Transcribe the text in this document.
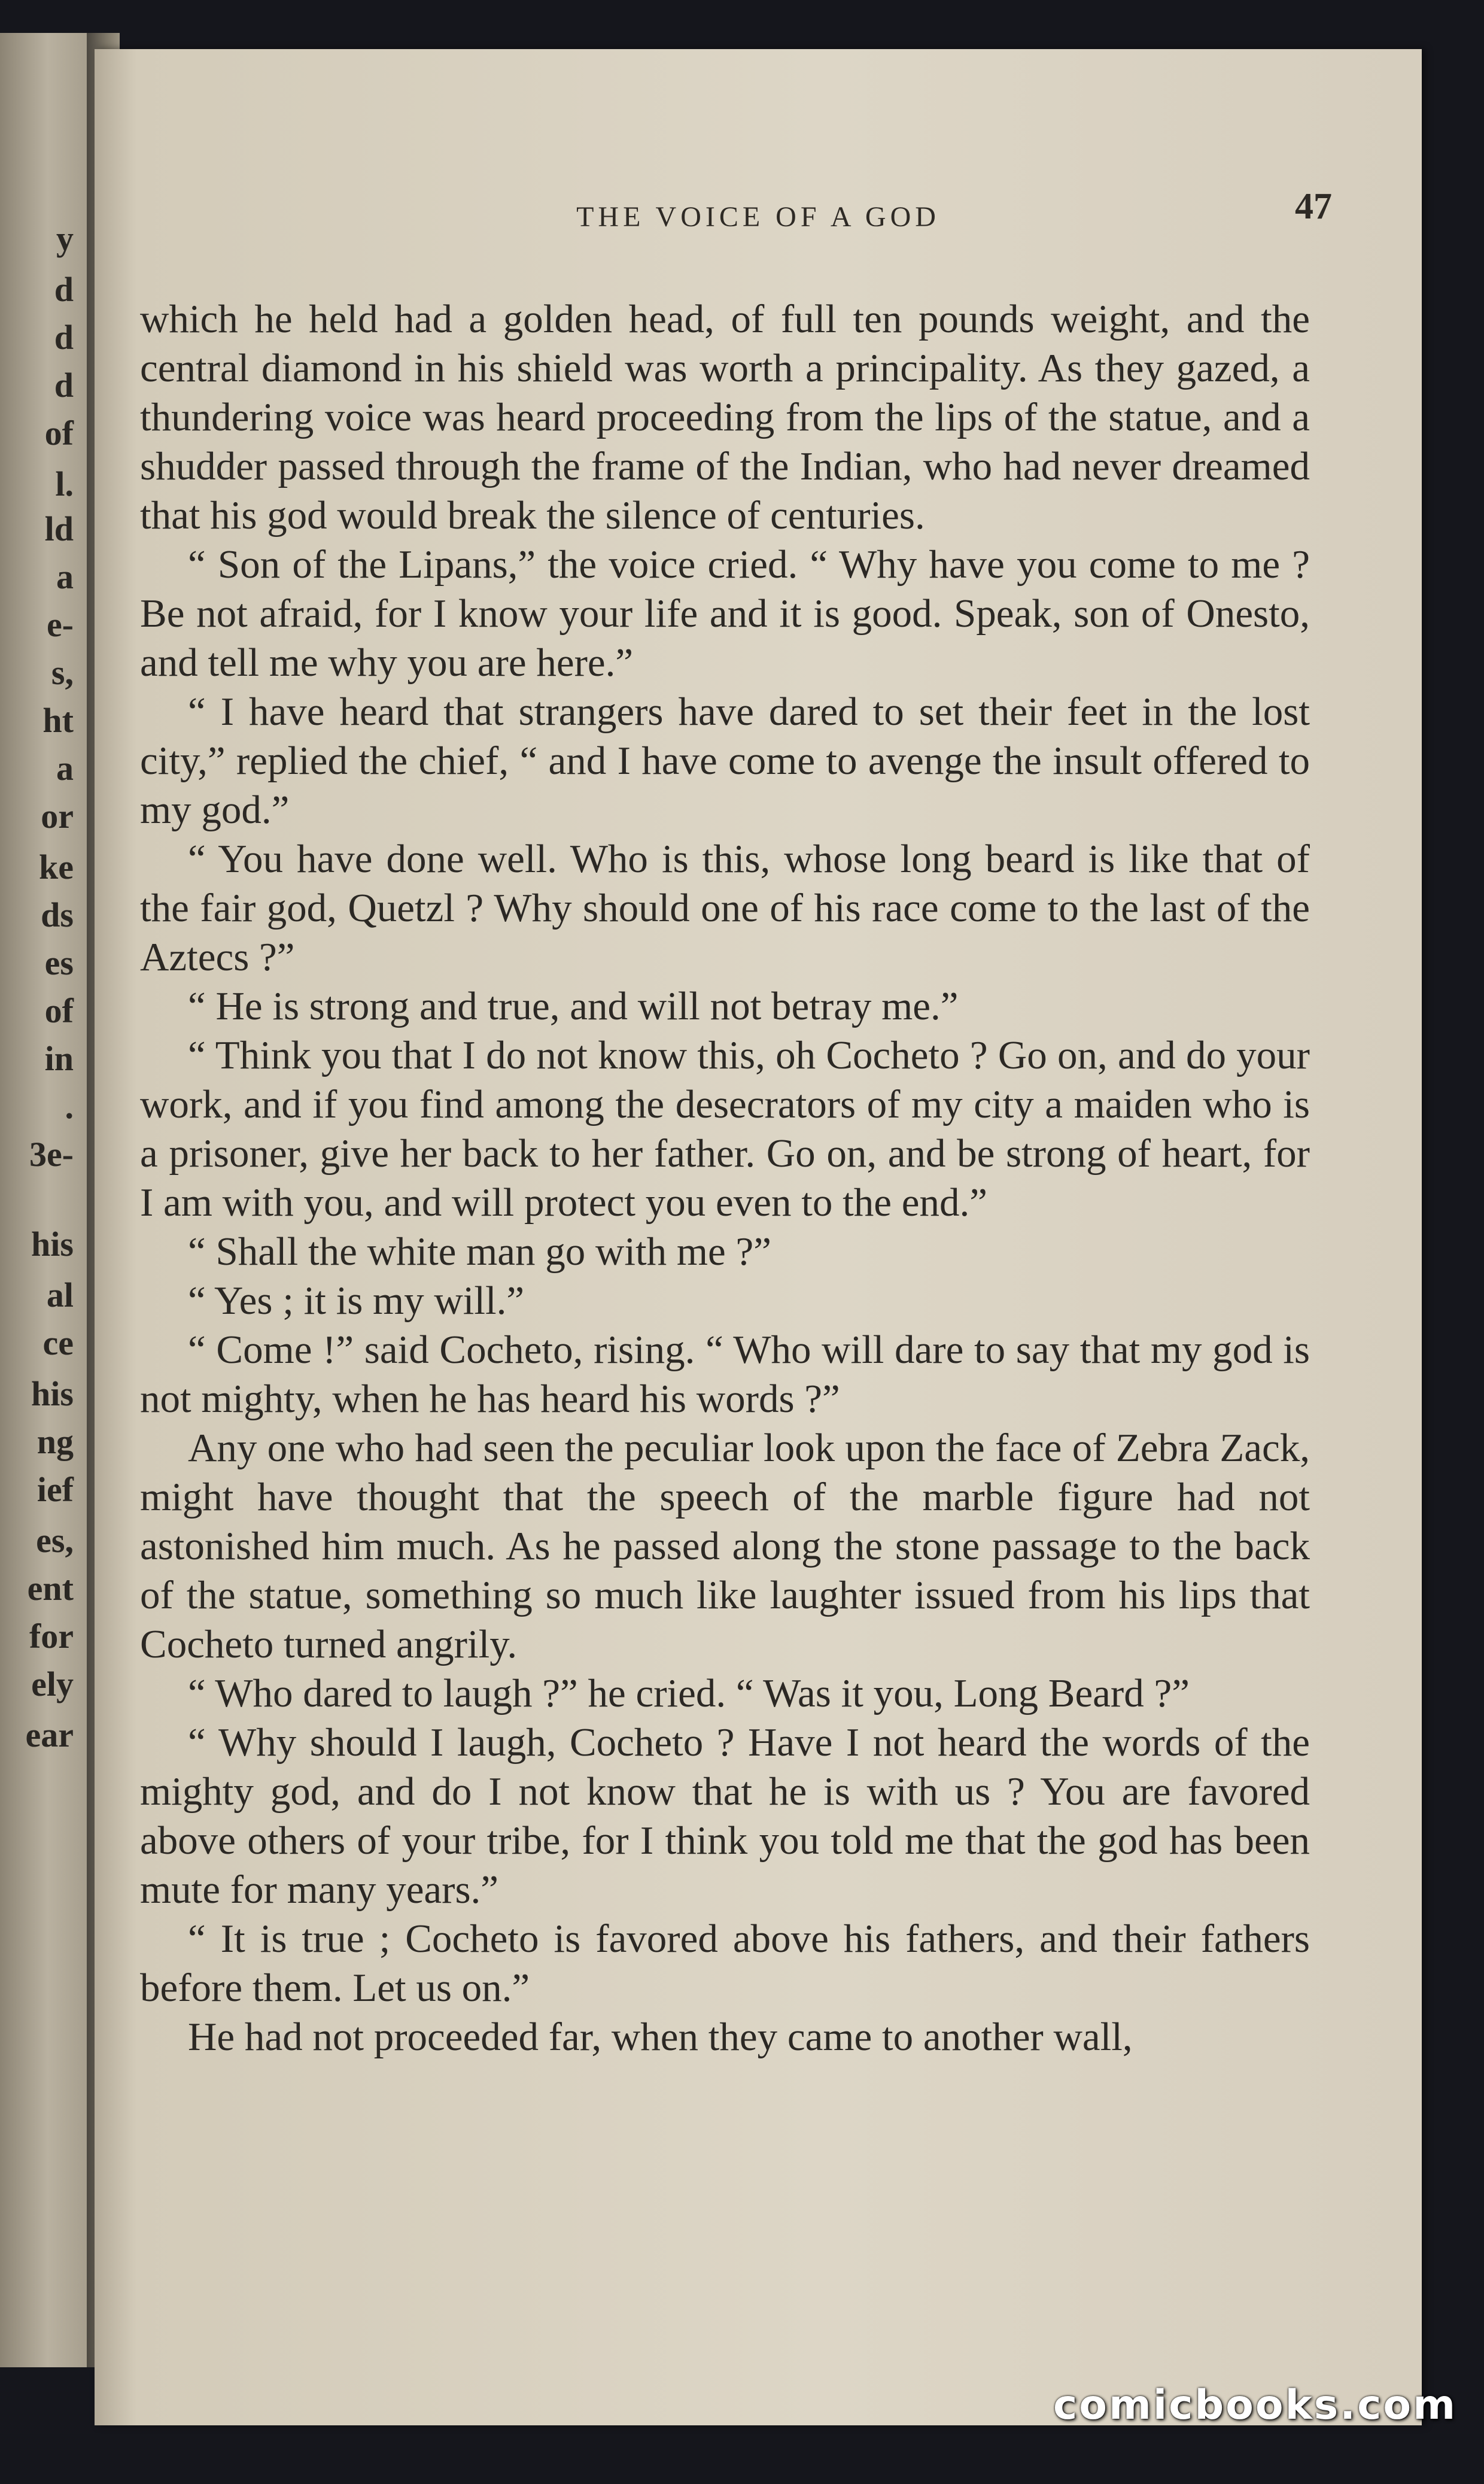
y
d
d
d
of
l.
ld
a
e-
s,
ht
a
or
ke
ds
es
of
in
.
3e-
his
al
ce
his
ng
ief
es,
ent
for
ely
ear
THE VOICE OF A GOD	47

which he held had a golden head, of full ten pounds weight, and the central diamond in his shield was worth a principality. As they gazed, a thundering voice was heard proceeding from the lips of the statue, and a shudder passed through the frame of the Indian, who had never dreamed that his god would break the silence of centuries.

“ Son of the Lipans,” the voice cried. “ Why have you come to me ? Be not afraid, for I know your life and it is good. Speak, son of Onesto, and tell me why you are here.”

“ I have heard that strangers have dared to set their feet in the lost city,” replied the chief, “ and I have come to avenge the insult offered to my god.”

“ You have done well. Who is this, whose long beard is like that of the fair god, Quetzl ? Why should one of his race come to the last of the Aztecs ?”

“ He is strong and true, and will not betray me.”

“ Think you that I do not know this, oh Cocheto ? Go on, and do your work, and if you find among the desecrators of my city a maiden who is a prisoner, give her back to her father. Go on, and be strong of heart, for I am with you, and will protect you even to the end.”

“ Shall the white man go with me ?”

“ Yes ; it is my will.”

“ Come !” said Cocheto, rising. “ Who will dare to say that my god is not mighty, when he has heard his words ?”

Any one who had seen the peculiar look upon the face of Zebra Zack, might have thought that the speech of the marble figure had not astonished him much. As he passed along the stone passage to the back of the statue, something so much like laughter issued from his lips that Cocheto turned angrily.

“ Who dared to laugh ?” he cried. “ Was it you, Long Beard ?”

“ Why should I laugh, Cocheto ? Have I not heard the words of the mighty god, and do I not know that he is with us ? You are favored above others of your tribe, for I think you told me that the god has been mute for many years.”

“ It is true ; Cocheto is favored above his fathers, and their fathers before them. Let us on.”

He had not proceeded far, when they came to another wall,

comicbooks.com
